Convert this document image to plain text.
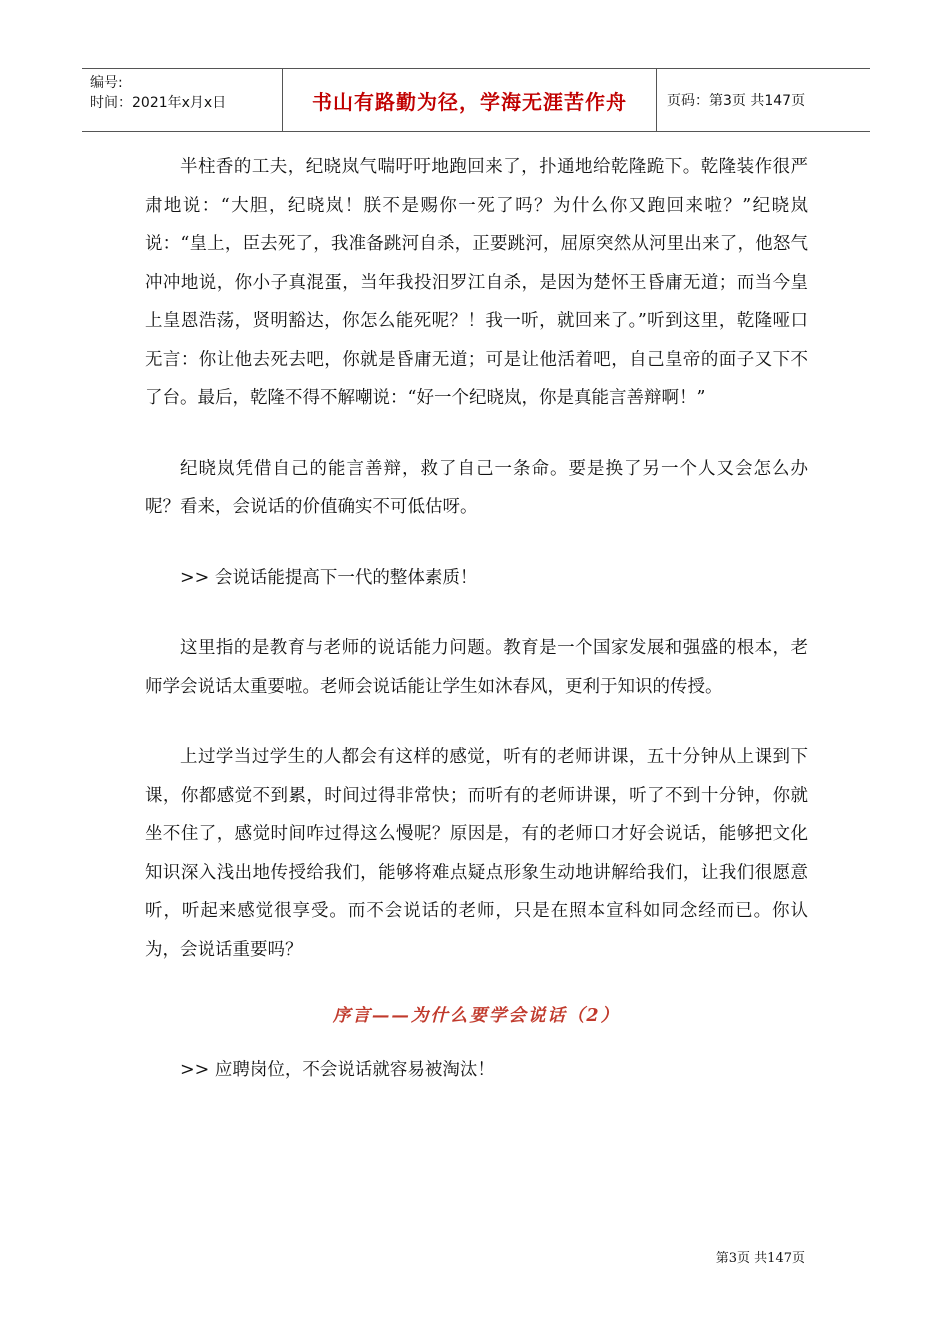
编号:
时间：2021年x月x日	书山有路勤为径，学海无涯苦作舟	页码：第3页 共147页

半柱香的工夫，纪晓岚气喘吁吁地跑回来了，扑通地给乾隆跪下。乾隆装作很严肃地说：“大胆，纪晓岚！朕不是赐你一死了吗？为什么你又跑回来啦？”纪晓岚说：“皇上，臣去死了，我准备跳河自杀，正要跳河，屈原突然从河里出来了，他怒气冲冲地说，你小子真混蛋，当年我投汨罗江自杀，是因为楚怀王昏庸无道；而当今皇上皇恩浩荡，贤明豁达，你怎么能死呢？！我一听，就回来了。”听到这里，乾隆哑口无言：你让他去死去吧，你就是昏庸无道；可是让他活着吧，自己皇帝的面子又下不了台。最后，乾隆不得不解嘲说：“好一个纪晓岚，你是真能言善辩啊！”

纪晓岚凭借自己的能言善辩，救了自己一条命。要是换了另一个人又会怎么办呢？看来，会说话的价值确实不可低估呀。

>> 会说话能提高下一代的整体素质！

这里指的是教育与老师的说话能力问题。教育是一个国家发展和强盛的根本，老师学会说话太重要啦。老师会说话能让学生如沐春风，更利于知识的传授。

上过学当过学生的人都会有这样的感觉，听有的老师讲课，五十分钟从上课到下课，你都感觉不到累，时间过得非常快；而听有的老师讲课，听了不到十分钟，你就坐不住了，感觉时间咋过得这么慢呢？原因是，有的老师口才好会说话，能够把文化知识深入浅出地传授给我们，能够将难点疑点形象生动地讲解给我们，让我们很愿意听，听起来感觉很享受。而不会说话的老师，只是在照本宣科如同念经而已。你认为，会说话重要吗？

序言——为什么要学会说话（2）

>> 应聘岗位，不会说话就容易被淘汰！

第3页 共147页
